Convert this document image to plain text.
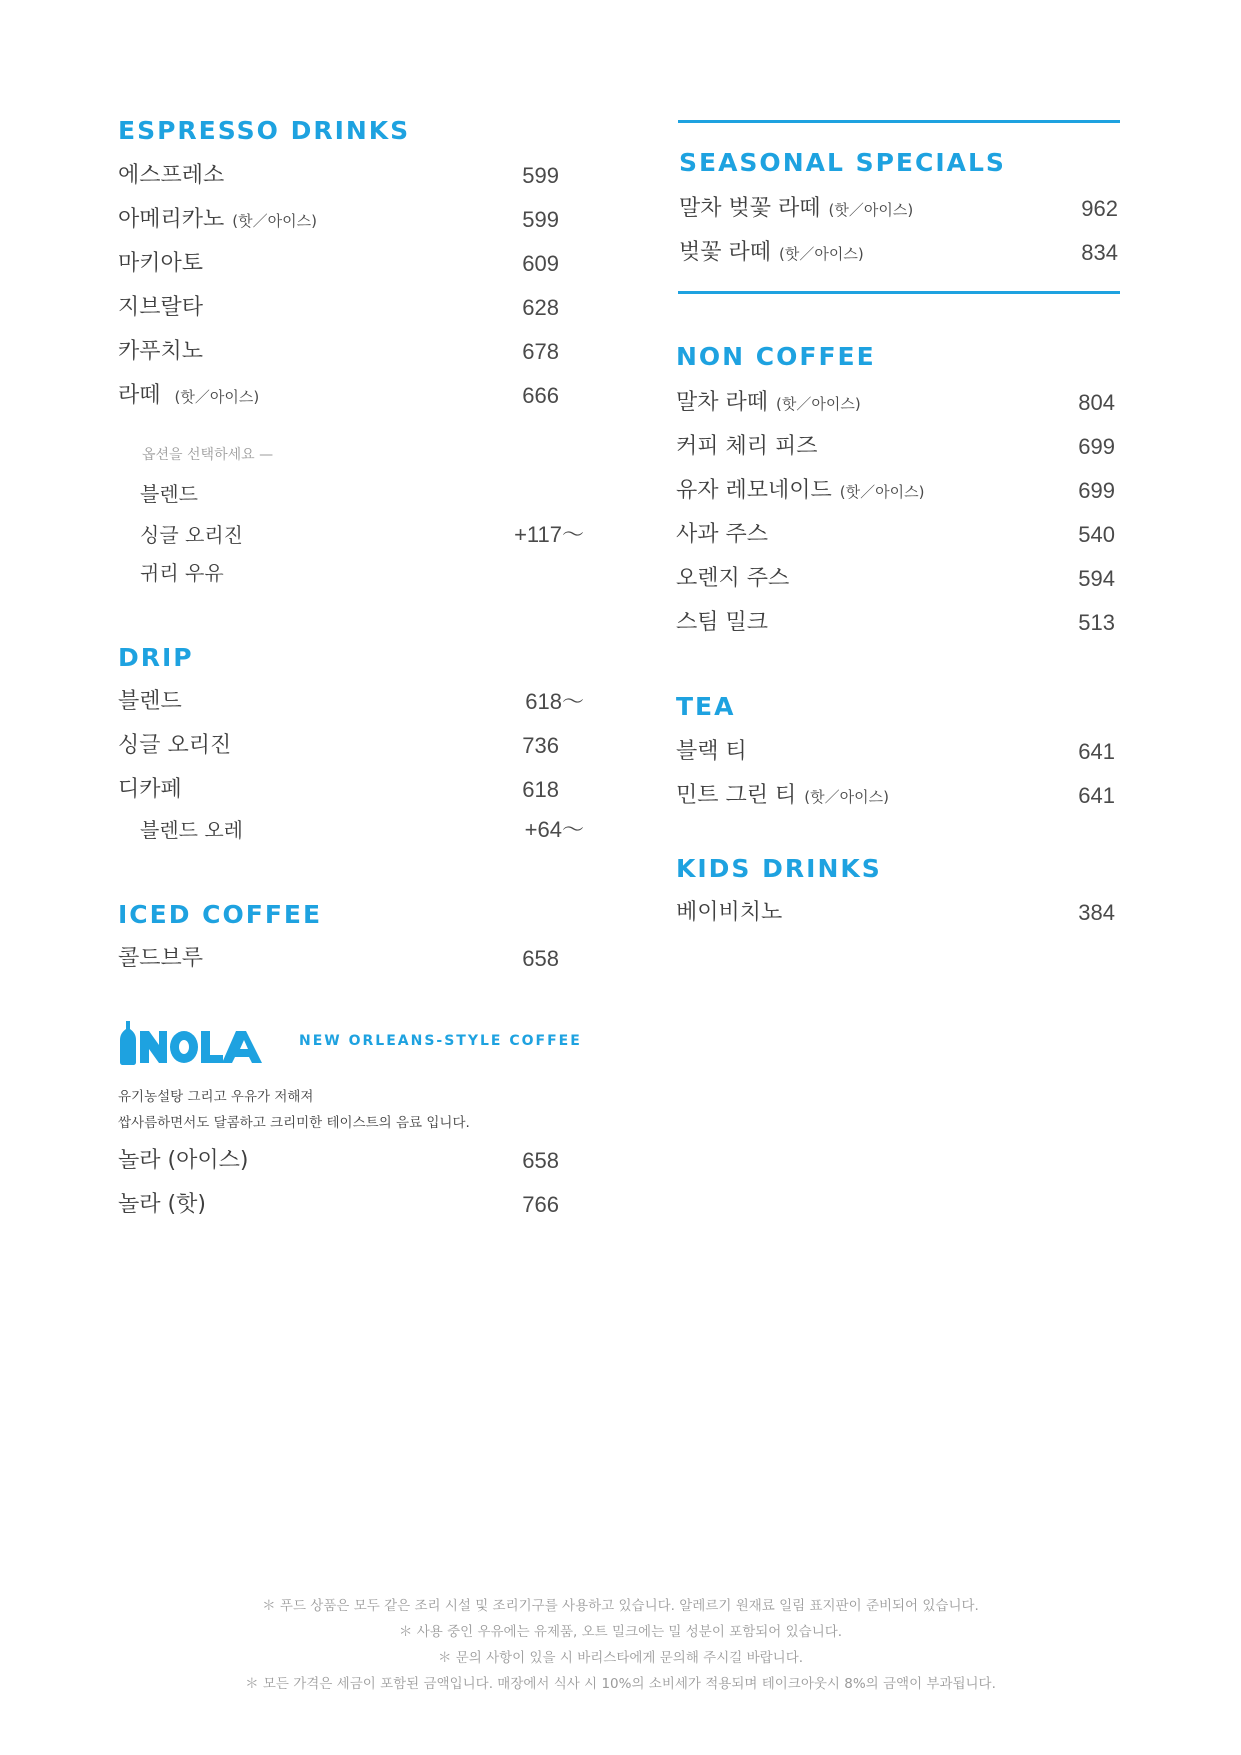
ESPRESSO DRINKS
에스프레소	599
아메리카노 (핫／아이스)	599
마키아토	609
지브랄타	628
카푸치노	678
라떼 (핫／아이스)	666
옵션을 선택하세요 —
블렌드
싱글 오리진	+117～
귀리 우유
DRIP
블렌드	618～
싱글 오리진	736
디카페	618
블렌드 오레	+64～
ICED COFFEE
콜드브루	658
NEW ORLEANS-STYLE COFFEE
유기농설탕 그리고 우유가 저해져
쌉사름하면서도 달콤하고 크리미한 테이스트의 음료 입니다.
놀라 (아이스)	658
놀라 (핫)	766
SEASONAL SPECIALS
말차 벚꽃 라떼 (핫／아이스)	962
벚꽃 라떼 (핫／아이스)	834
NON COFFEE
말차 라떼 (핫／아이스)	804
커피 체리 피즈	699
유자 레모네이드 (핫／아이스)	699
사과 주스	540
오렌지 주스	594
스팀 밀크	513
TEA
블랙 티	641
민트 그린 티 (핫／아이스)	641
KIDS DRINKS
베이비치노	384
＊ 푸드 상품은 모두 같은 조리 시설 및 조리기구를 사용하고 있습니다. 알레르기 원재료 일림 표지판이 준비되어 있습니다.
＊ 사용 중인 우유에는 유제품, 오트 밀크에는 밀 성분이 포함되어 있습니다.
＊ 문의 사항이 있을 시 바리스타에게 문의해 주시길 바랍니다.
＊ 모든 가격은 세금이 포함된 금액입니다. 매장에서 식사 시 10%의 소비세가 적용되며 테이크아웃시 8%의 금액이 부과됩니다.
